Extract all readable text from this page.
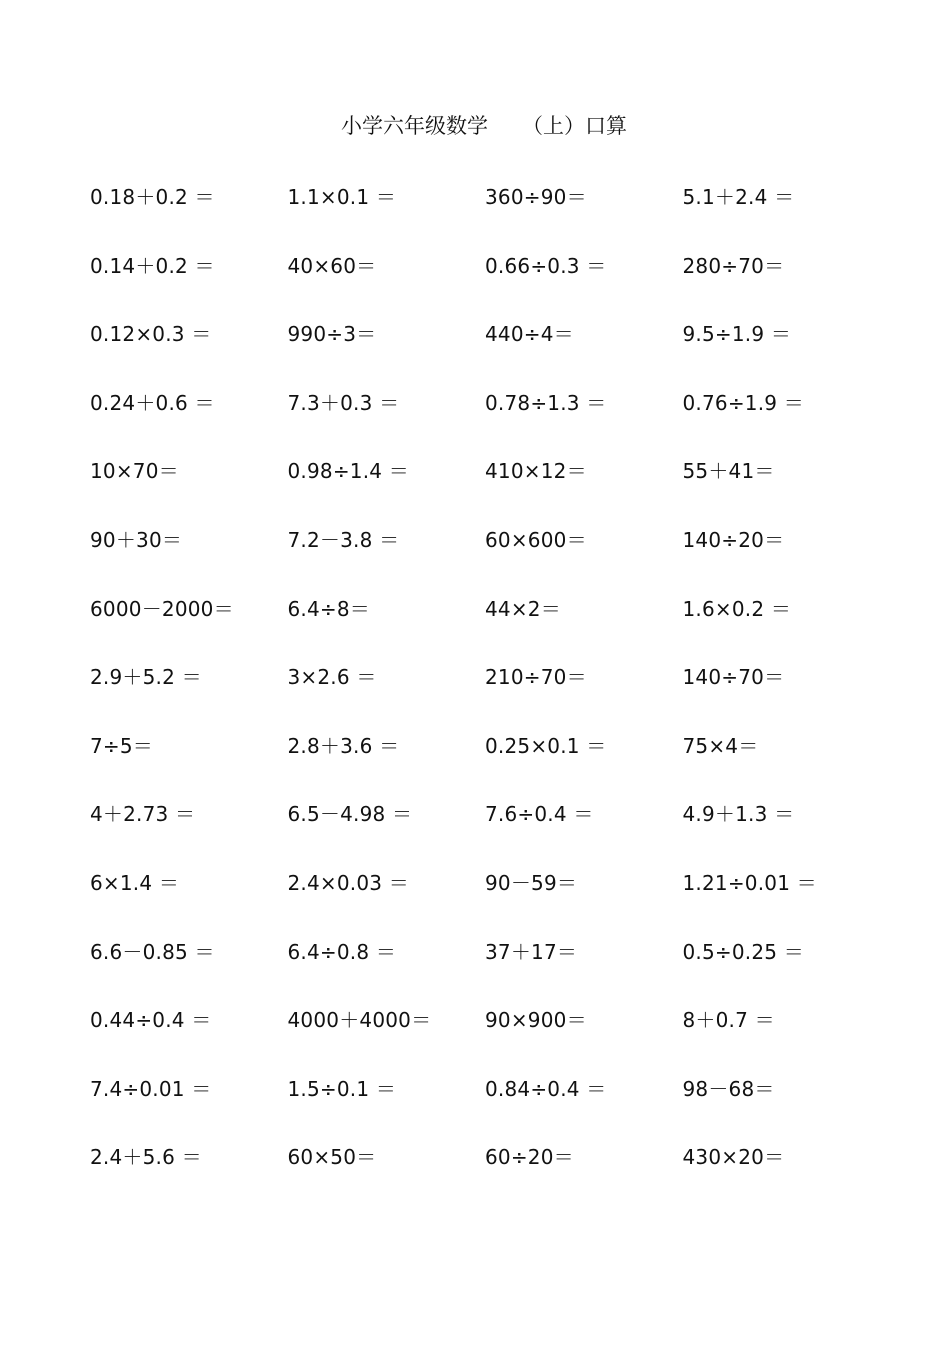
小学六年级数学 （上）口算
0.18＋0.2 ＝	1.1×0.1 ＝	360÷90＝	5.1＋2.4 ＝
0.14＋0.2 ＝	40×60＝	0.66÷0.3 ＝	280÷70＝
0.12×0.3 ＝	990÷3＝	440÷4＝	9.5÷1.9 ＝
0.24＋0.6 ＝	7.3＋0.3 ＝	0.78÷1.3 ＝	0.76÷1.9 ＝
10×70＝	0.98÷1.4 ＝	410×12＝	55＋41＝
90＋30＝	7.2－3.8 ＝	60×600＝	140÷20＝
6000－2000＝	6.4÷8＝	44×2＝	1.6×0.2 ＝
2.9＋5.2 ＝	3×2.6 ＝	210÷70＝	140÷70＝
7÷5＝	2.8＋3.6 ＝	0.25×0.1 ＝	75×4＝
4＋2.73 ＝	6.5－4.98 ＝	7.6÷0.4 ＝	4.9＋1.3 ＝
6×1.4 ＝	2.4×0.03 ＝	90－59＝	1.21÷0.01 ＝
6.6－0.85 ＝	6.4÷0.8 ＝	37＋17＝	0.5÷0.25 ＝
0.44÷0.4 ＝	4000＋4000＝	90×900＝	8＋0.7 ＝
7.4÷0.01 ＝	1.5÷0.1 ＝	0.84÷0.4 ＝	98－68＝
2.4＋5.6 ＝	60×50＝	60÷20＝	430×20＝
